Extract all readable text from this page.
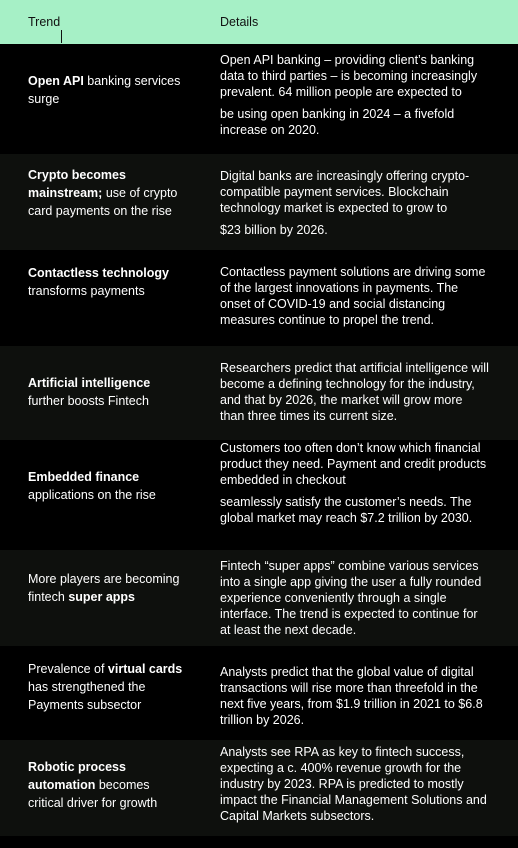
Trend	Details
Open API banking services surge
Open API banking – providing client’s banking data to third parties – is becoming increasingly prevalent. 64 million people are expected to
be using open banking in 2024 – a fivefold increase on 2020.
Crypto becomes mainstream; use of crypto card payments on the rise
Digital banks are increasingly offering crypto-compatible payment services. Blockchain technology market is expected to grow to
$23 billion by 2026.
Contactless technology transforms payments
Contactless payment solutions are driving some of the largest innovations in payments. The onset of COVID-19 and social distancing measures continue to propel the trend.
Artificial intelligence further boosts Fintech
Researchers predict that artificial intelligence will become a defining technology for the industry, and that by 2026, the market will grow more than three times its current size.
Embedded finance applications on the rise
Customers too often don’t know which financial product they need. Payment and credit products embedded in checkout
seamlessly satisfy the customer’s needs. The global market may reach $7.2 trillion by 2030.
More players are becoming fintech super apps
Fintech “super apps” combine various services into a single app giving the user a fully rounded experience conveniently through a single interface. The trend is expected to continue for at least the next decade.
Prevalence of virtual cards has strengthened the Payments subsector
Analysts predict that the global value of digital transactions will rise more than threefold in the next five years, from $1.9 trillion in 2021 to $6.8 trillion by 2026.
Robotic process automation becomes critical driver for growth
Analysts see RPA as key to fintech success, expecting a c. 400% revenue growth for the industry by 2023. RPA is predicted to mostly impact the Financial Management Solutions and Capital Markets subsectors.
